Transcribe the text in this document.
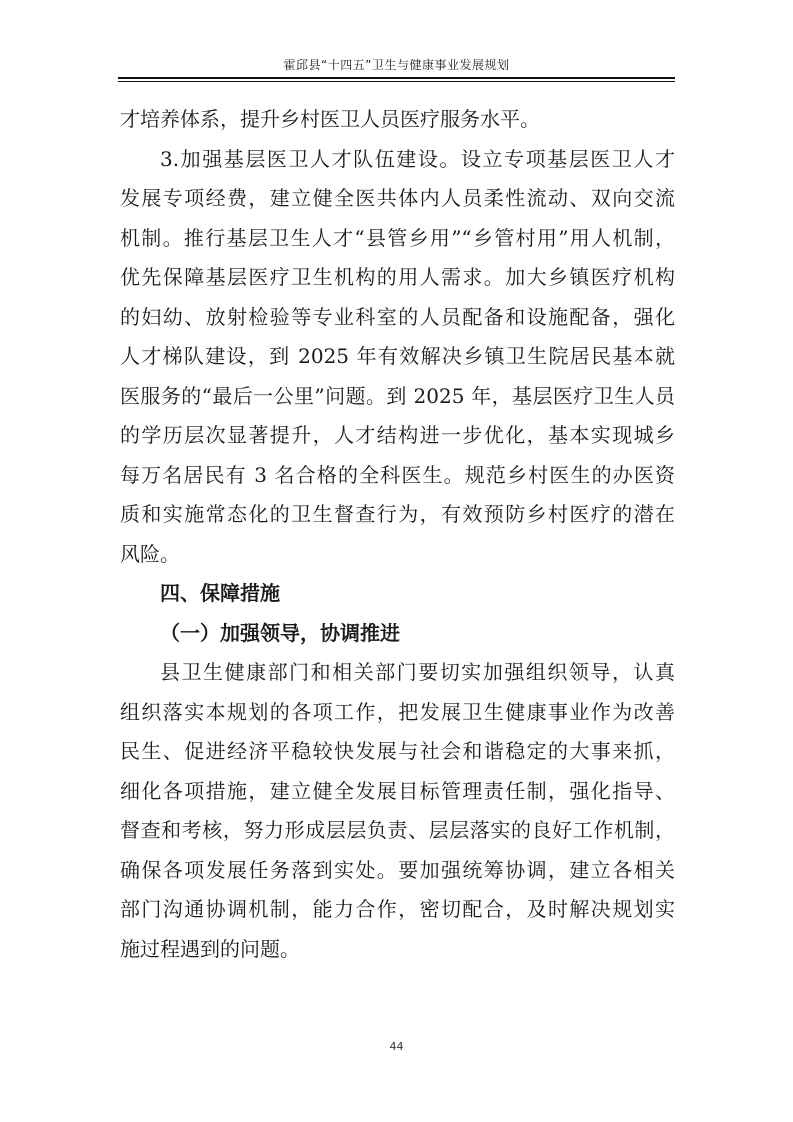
霍邱县“十四五”卫生与健康事业发展规划
才培养体系，提升乡村医卫人员医疗服务水平。
3.加强基层医卫人才队伍建设。设立专项基层医卫人才
发展专项经费，建立健全医共体内人员柔性流动、双向交流
机制。推行基层卫生人才“县管乡用”“乡管村用”用人机制，
优先保障基层医疗卫生机构的用人需求。加大乡镇医疗机构
的妇幼、放射检验等专业科室的人员配备和设施配备，强化
人才梯队建设，到 2025 年有效解决乡镇卫生院居民基本就
医服务的“最后一公里”问题。到 2025 年，基层医疗卫生人员
的学历层次显著提升，人才结构进一步优化，基本实现城乡
每万名居民有 3 名合格的全科医生。规范乡村医生的办医资
质和实施常态化的卫生督查行为，有效预防乡村医疗的潜在
风险。
四、保障措施
（一）加强领导，协调推进
县卫生健康部门和相关部门要切实加强组织领导，认真
组织落实本规划的各项工作，把发展卫生健康事业作为改善
民生、促进经济平稳较快发展与社会和谐稳定的大事来抓，
细化各项措施，建立健全发展目标管理责任制，强化指导、
督查和考核，努力形成层层负责、层层落实的良好工作机制，
确保各项发展任务落到实处。要加强统筹协调，建立各相关
部门沟通协调机制，能力合作，密切配合，及时解决规划实
施过程遇到的问题。
44
